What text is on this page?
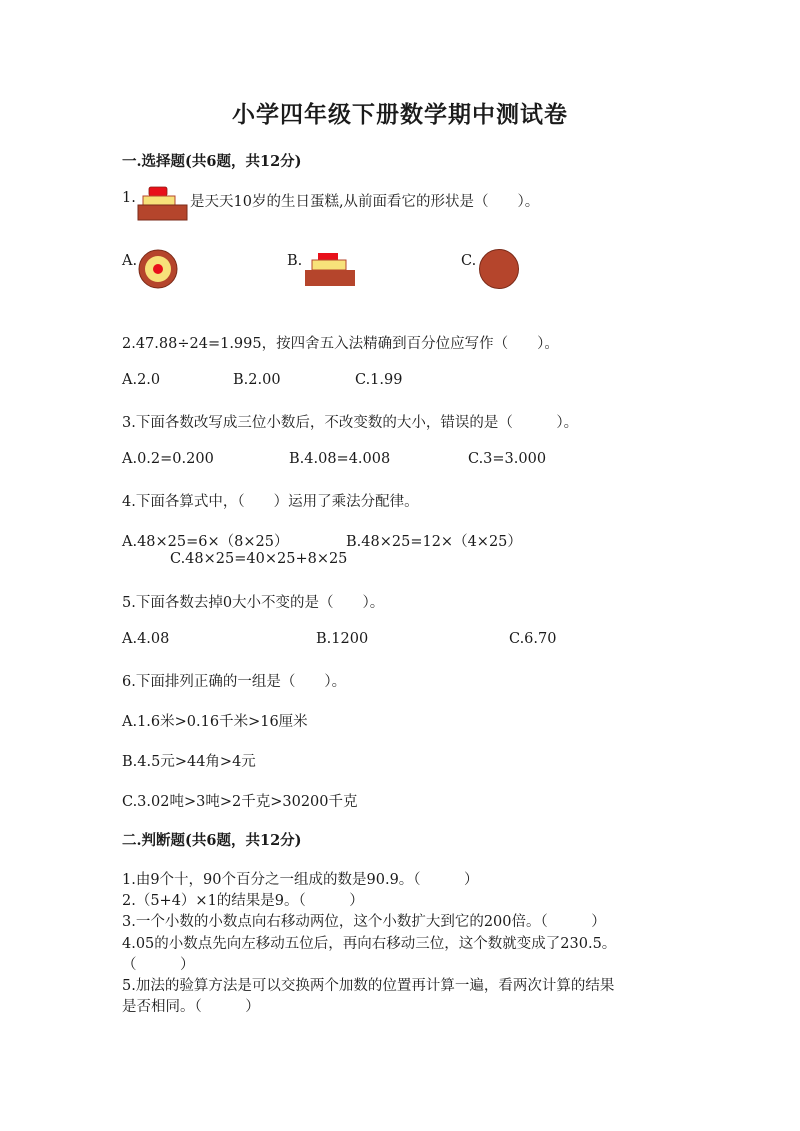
小学四年级下册数学期中测试卷
一.选择题(共6题，共12分)
1.	是天天10岁的生日蛋糕,从前面看它的形状是（　　）。
A.	B.	C.
2.47.88÷24=1.995，按四舍五入法精确到百分位应写作（　　）。
A.2.0	B.2.00	C.1.99
3.下面各数改写成三位小数后，不改变数的大小，错误的是（　　　）。
A.0.2=0.200	B.4.08=4.008	C.3=3.000
4.下面各算式中，（　　）运用了乘法分配律。
A.48×25=6×（8×25）	B.48×25=12×（4×25）
C.48×25=40×25+8×25
5.下面各数去掉0大小不变的是（　　）。
A.4.08	B.1200	C.6.70
6.下面排列正确的一组是（　　）。
A.1.6米>0.16千米>16厘米
B.4.5元>44角>4元
C.3.02吨>3吨>2千克>30200千克
二.判断题(共6题，共12分)
1.由9个十，90个百分之一组成的数是90.9。（　　　）
2.（5+4）×1的结果是9。（　　　）
3.一个小数的小数点向右移动两位，这个小数扩大到它的200倍。（　　　）
4.05的小数点先向左移动五位后，再向右移动三位，这个数就变成了230.5。
（　　　）
5.加法的验算方法是可以交换两个加数的位置再计算一遍，看两次计算的结果
是否相同。（　　　）
